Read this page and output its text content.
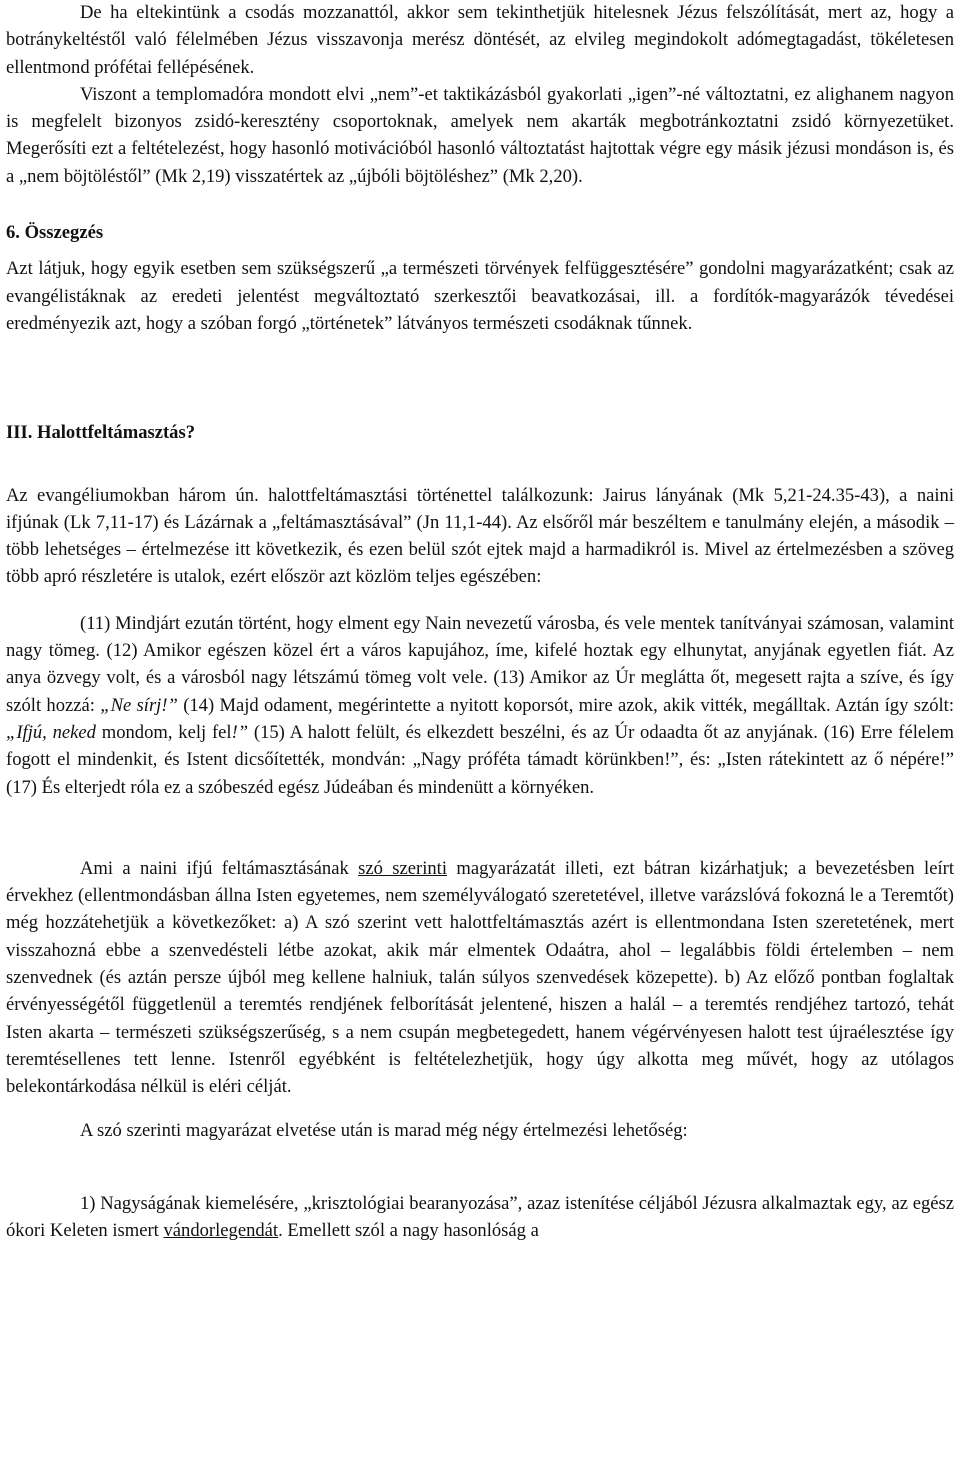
De ha eltekintünk a csodás mozzanattól, akkor sem tekinthetjük hitelesnek Jézus felszólítását, mert az, hogy a botránykeltéstől való félelmében Jézus visszavonja merész döntését, az elvileg megindokolt adómegtagadást, tökéletesen ellentmond prófétai fellépésének.

Viszont a templomadóra mondott elvi „nem”-et taktikázásból gyakorlati „igen”-né változtatni, ez alighanem nagyon is megfelelt bizonyos zsidó-keresztény csoportoknak, amelyek nem akarták megbotránkoztatni zsidó környezetüket. Megerősíti ezt a feltételezést, hogy hasonló motivációból hasonló változtatást hajtottak végre egy másik jézusi mondáson is, és a „nem böjtöléstől” (Mk 2,19) visszatértek az „újbóli böjtöléshez” (Mk 2,20).

6. Összegzés

Azt látjuk, hogy egyik esetben sem szükségszerű „a természeti törvények felfüggesztésére” gondolni magyarázatként; csak az evangélistáknak az eredeti jelentést megváltoztató szerkesztői beavatkozásai, ill. a fordítók-magyarázók tévedései eredményezik azt, hogy a szóban forgó „történetek” látványos természeti csodáknak tűnnek.

III. Halottfeltámasztás?

Az evangéliumokban három ún. halottfeltámasztási történettel találkozunk: Jairus lányának (Mk 5,21-24.35-43), a naini ifjúnak (Lk 7,11-17) és Lázárnak a „feltámasztásával” (Jn 11,1-44). Az elsőről már beszéltem e tanulmány elején, a második – több lehetséges – értelmezése itt következik, és ezen belül szót ejtek majd a harmadikról is. Mivel az értelmezésben a szöveg több apró részletére is utalok, ezért először azt közlöm teljes egészében:

(11) Mindjárt ezután történt, hogy elment egy Nain nevezetű városba, és vele mentek tanítványai számosan, valamint nagy tömeg. (12) Amikor egészen közel ért a város kapujához, íme, kifelé hoztak egy elhunytat, anyjának egyetlen fiát. Az anya özvegy volt, és a városból nagy létszámú tömeg volt vele. (13) Amikor az Úr meglátta őt, megesett rajta a szíve, és így szólt hozzá: „Ne sírj!” (14) Majd odament, megérintette a nyitott koporsót, mire azok, akik vitték, megálltak. Aztán így szólt: „Ifjú, neked mondom, kelj fel!” (15) A halott felült, és elkezdett beszélni, és az Úr odaadta őt az anyjának. (16) Erre félelem fogott el mindenkit, és Istent dicsőítették, mondván: „Nagy próféta támadt körünkben!”, és: „Isten rátekintett az ő népére!” (17) És elterjedt róla ez a szóbeszéd egész Júdeában és mindenütt a környéken.

Ami a naini ifjú feltámasztásának szó szerinti magyarázatát illeti, ezt bátran kizárhatjuk; a bevezetésben leírt érvekhez (ellentmondásban állna Isten egyetemes, nem személyválogató szeretetével, illetve varázslóvá fokozná le a Teremtőt) még hozzátehetjük a következőket: a) A szó szerint vett halottfeltámasztás azért is ellentmondana Isten szeretetének, mert visszahozná ebbe a szenvedésteli létbe azokat, akik már elmentek Odaátra, ahol – legalábbis földi értelemben – nem szenvednek (és aztán persze újból meg kellene halniuk, talán súlyos szenvedések közepette). b) Az előző pontban foglaltak érvényességétől függetlenül a teremtés rendjének felborítását jelentené, hiszen a halál – a teremtés rendjéhez tartozó, tehát Isten akarta – természeti szükségszerűség, s a nem csupán megbetegedett, hanem végérvényesen halott test újraélesztése így teremtésellenes tett lenne. Istenről egyébként is feltételezhetjük, hogy úgy alkotta meg művét, hogy az utólagos belekontárkodása nélkül is eléri célját.

A szó szerinti magyarázat elvetése után is marad még négy értelmezési lehetőség:

1) Nagyságának kiemelésére, „krisztológiai bearanyozása”, azaz istenítése céljából Jézusra alkalmaztak egy, az egész ókori Keleten ismert vándorlegendát. Emellett szól a nagy hasonlóság a
